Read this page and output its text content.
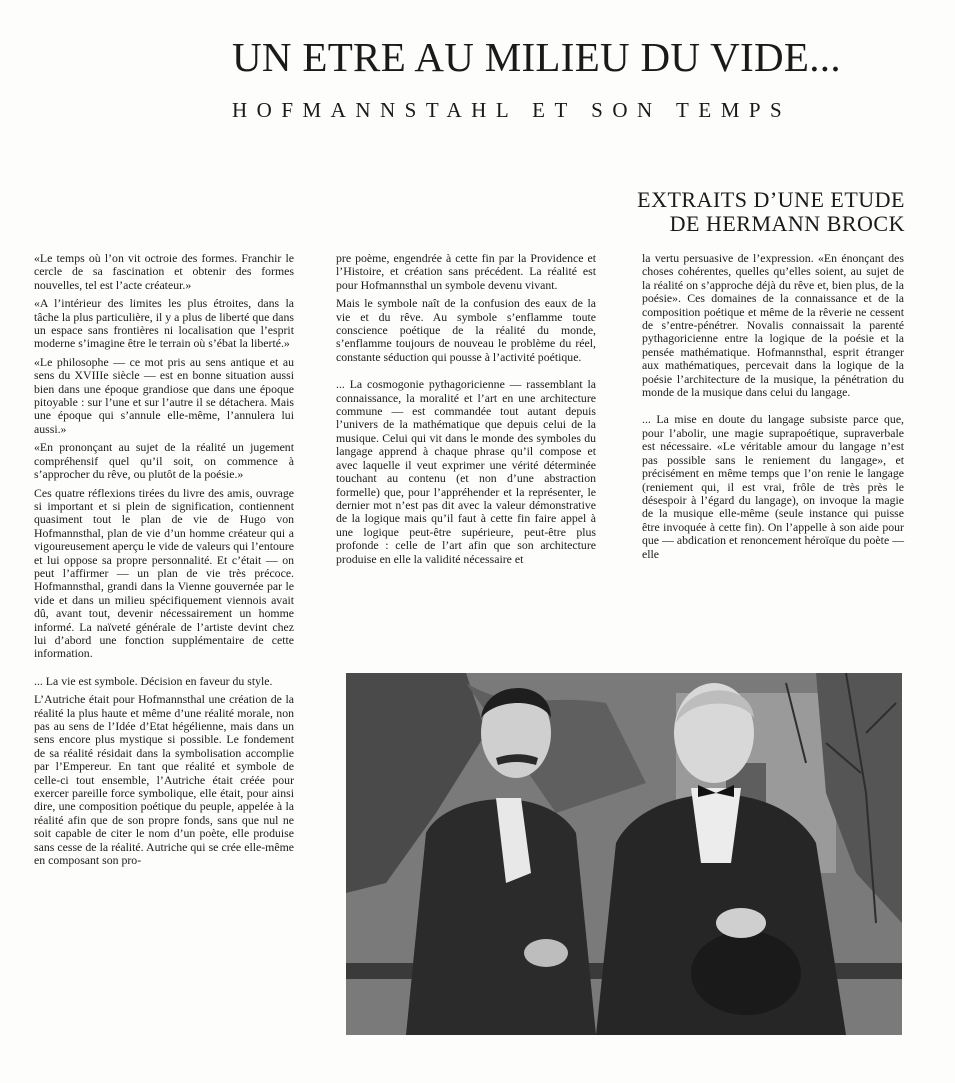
UN ETRE AU MILIEU DU VIDE...
HOFMANNSTAHL ET SON TEMPS
EXTRAITS D’UNE ETUDE
DE HERMANN BROCK

«Le temps où l’on vit octroie des formes. Franchir le cercle de sa fascination et obtenir des formes nouvelles, tel est l’acte créateur.»

«A l’intérieur des limites les plus étroites, dans la tâche la plus particulière, il y a plus de liberté que dans un espace sans frontières ni localisation que l’esprit moderne s’imagine être le terrain où s’ébat la liberté.»

«Le philosophe — ce mot pris au sens antique et au sens du XVIIIe siècle — est en bonne situation aussi bien dans une époque grandiose que dans une époque pitoyable : sur l’une et sur l’autre il se détachera. Mais une époque qui s’annule elle-même, l’annulera lui aussi.»

«En prononçant au sujet de la réalité un jugement compréhensif quel qu’il soit, on commence à s’approcher du rêve, ou plutôt de la poésie.»

Ces quatre réflexions tirées du livre des amis, ouvrage si important et si plein de signification, contiennent quasiment tout le plan de vie de Hugo von Hofmannsthal, plan de vie d’un homme créateur qui a vigoureusement aperçu le vide de valeurs qui l’entoure et lui oppose sa propre personnalité. Et c’était — on peut l’affirmer — un plan de vie très précoce. Hofmannsthal, grandi dans la Vienne gouvernée par le vide et dans un milieu spécifiquement viennois avait dû, avant tout, devenir nécessairement un homme informé. La naïveté générale de l’artiste devint chez lui d’abord une fonction supplémentaire de cette information.

... La vie est symbole. Décision en faveur du style.

L’Autriche était pour Hofmannsthal une création de la réalité la plus haute et même d’une réalité morale, non pas au sens de l’Idée d’Etat hégélienne, mais dans un sens encore plus mystique si possible. Le fondement de sa réalité résidait dans la symbolisation accomplie par l’Empereur. En tant que réalité et symbole de celle-ci tout ensemble, l’Autriche était créée pour exercer pareille force symbolique, elle était, pour ainsi dire, une composition poétique du peuple, appelée à la réalité afin que de son propre fonds, sans que nul ne soit capable de citer le nom d’un poète, elle produise sans cesse de la réalité. Autriche qui se crée elle-même en composant son pro-

pre poème, engendrée à cette fin par la Providence et l’Histoire, et création sans précédent. La réalité est pour Hofmannsthal un symbole devenu vivant.

Mais le symbole naît de la confusion des eaux de la vie et du rêve. Au symbole s’enflamme toute conscience poétique de la réalité du monde, s’enflamme toujours de nouveau le problème du réel, constante séduction qui pousse à l’activité poétique.

... La cosmogonie pythagoricienne — rassemblant la connaissance, la moralité et l’art en une architecture commune — est commandée tout autant depuis l’univers de la mathématique que depuis celui de la musique. Celui qui vit dans le monde des symboles du langage apprend à chaque phrase qu’il compose et avec laquelle il veut exprimer une vérité déterminée touchant au contenu (et non d’une abstraction formelle) que, pour l’appréhender et la représenter, le dernier mot n’est pas dit avec la valeur démonstrative de la logique mais qu’il faut à cette fin faire appel à une logique peut-être supérieure, peut-être plus profonde : celle de l’art afin que son architecture produise en elle la validité nécessaire et

la vertu persuasive de l’expression. «En énonçant des choses cohérentes, quelles qu’elles soient, au sujet de la réalité on s’approche déjà du rêve et, bien plus, de la poésie». Ces domaines de la connaissance et de la composition poétique et même de la rêverie ne cessent de s’entre-pénétrer. Novalis connaissait la parenté pythagoricienne entre la logique de la poésie et la pensée mathématique. Hofmannsthal, esprit étranger aux mathématiques, percevait dans la logique de la poésie l’architecture de la musique, la pénétration du monde de la musique dans celui du langage.

... La mise en doute du langage subsiste parce que, pour l’abolir, une magie suprapoétique, supraverbale est nécessaire. «Le véritable amour du langage n’est pas possible sans le reniement du langage», et précisément en même temps que l’on renie le langage (reniement qui, il est vrai, frôle de très près le désespoir à l’égard du langage), on invoque la magie de la musique elle-même (seule instance qui puisse être invoquée à cette fin). On l’appelle à son aide pour que — abdication et renoncement héroïque du poète — elle
